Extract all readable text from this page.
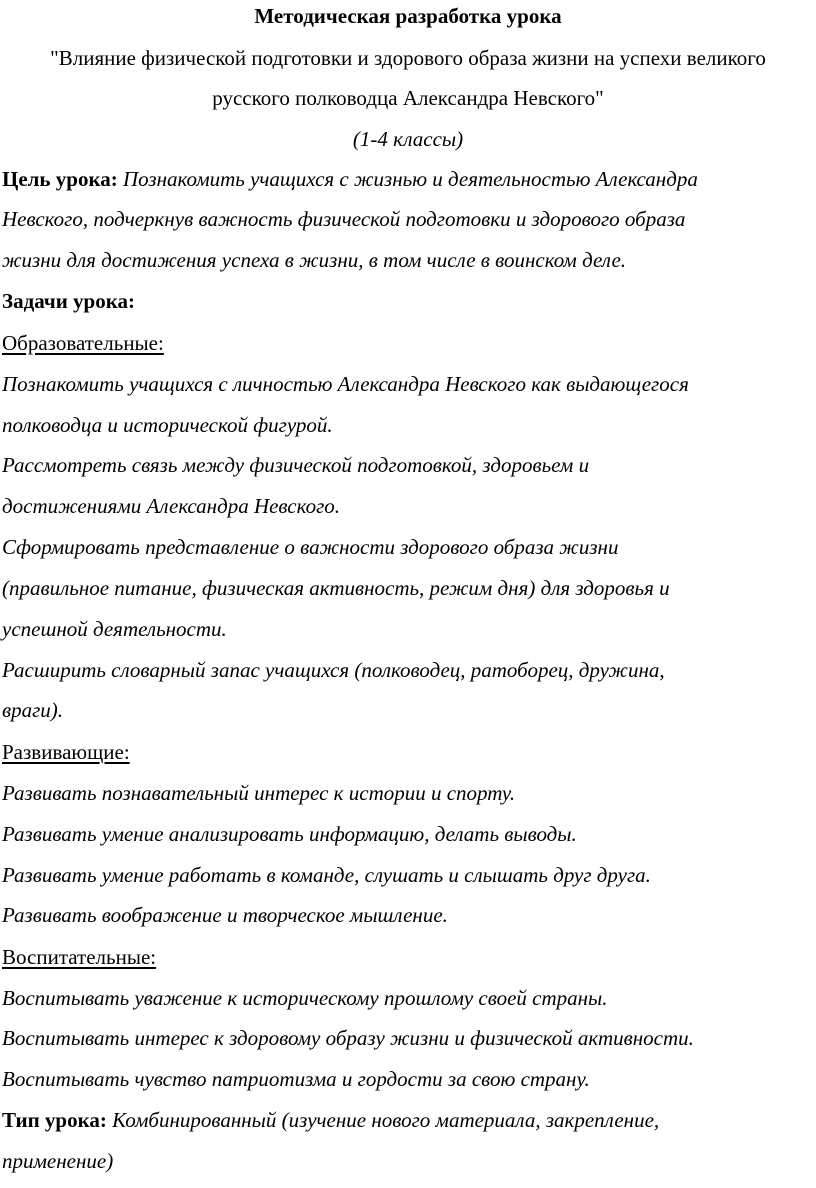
Методическая разработка урока
"Влияние физической подготовки и здорового образа жизни на успехи великого
русского полководца Александра Невского"
(1-4 классы)
Цель урока: Познакомить учащихся с жизнью и деятельностью Александра
Невского, подчеркнув важность физической подготовки и здорового образа
жизни для достижения успеха в жизни, в том числе в воинском деле.
Задачи урока:
Образовательные:
Познакомить учащихся с личностью Александра Невского как выдающегося
полководца и исторической фигурой.
Рассмотреть связь между физической подготовкой, здоровьем и
достижениями Александра Невского.
Сформировать представление о важности здорового образа жизни
(правильное питание, физическая активность, режим дня) для здоровья и
успешной деятельности.
Расширить словарный запас учащихся (полководец, ратоборец, дружина,
враги).
Развивающие:
Развивать познавательный интерес к истории и спорту.
Развивать умение анализировать информацию, делать выводы.
Развивать умение работать в команде, слушать и слышать друг друга.
Развивать воображение и творческое мышление.
Воспитательные:
Воспитывать уважение к историческому прошлому своей страны.
Воспитывать интерес к здоровому образу жизни и физической активности.
Воспитывать чувство патриотизма и гордости за свою страну.
Тип урока: Комбинированный (изучение нового материала, закрепление,
применение)
